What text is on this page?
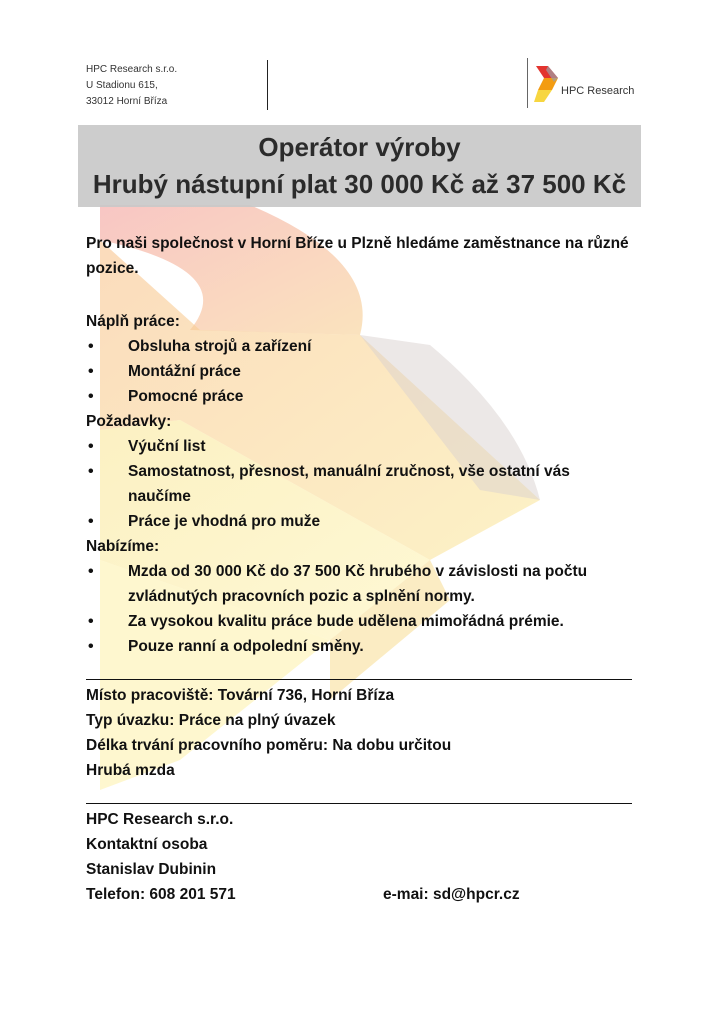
HPC Research s.r.o.
U Stadionu 615,
33012 Horní Bříza
HPC Research
Operátor výroby
Hrubý nástupní plat 30 000 Kč až 37 500 Kč
Pro naši společnost v Horní Bříze u Plzně hledáme zaměstnance na různé pozice.
Náplň práce:
• Obsluha strojů a zařízení
• Montážní práce
• Pomocné práce
Požadavky:
• Výuční list
• Samostatnost, přesnost, manuální zručnost, vše ostatní vás naučíme
• Práce je vhodná pro muže
Nabízíme:
• Mzda od 30 000 Kč do 37 500 Kč hrubého v závislosti na počtu zvládnutých pracovních pozic a splnění normy.
• Za vysokou kvalitu práce bude udělena mimořádná prémie.
• Pouze ranní a odpolední směny.
Místo pracoviště: Tovární 736, Horní Bříza
Typ úvazku: Práce na plný úvazek
Délka trvání pracovního poměru: Na dobu určitou
Hrubá mzda
HPC Research s.r.o.
Kontaktní osoba
Stanislav Dubinin
Telefon: 608 201 571	e-mai: sd@hpcr.cz
